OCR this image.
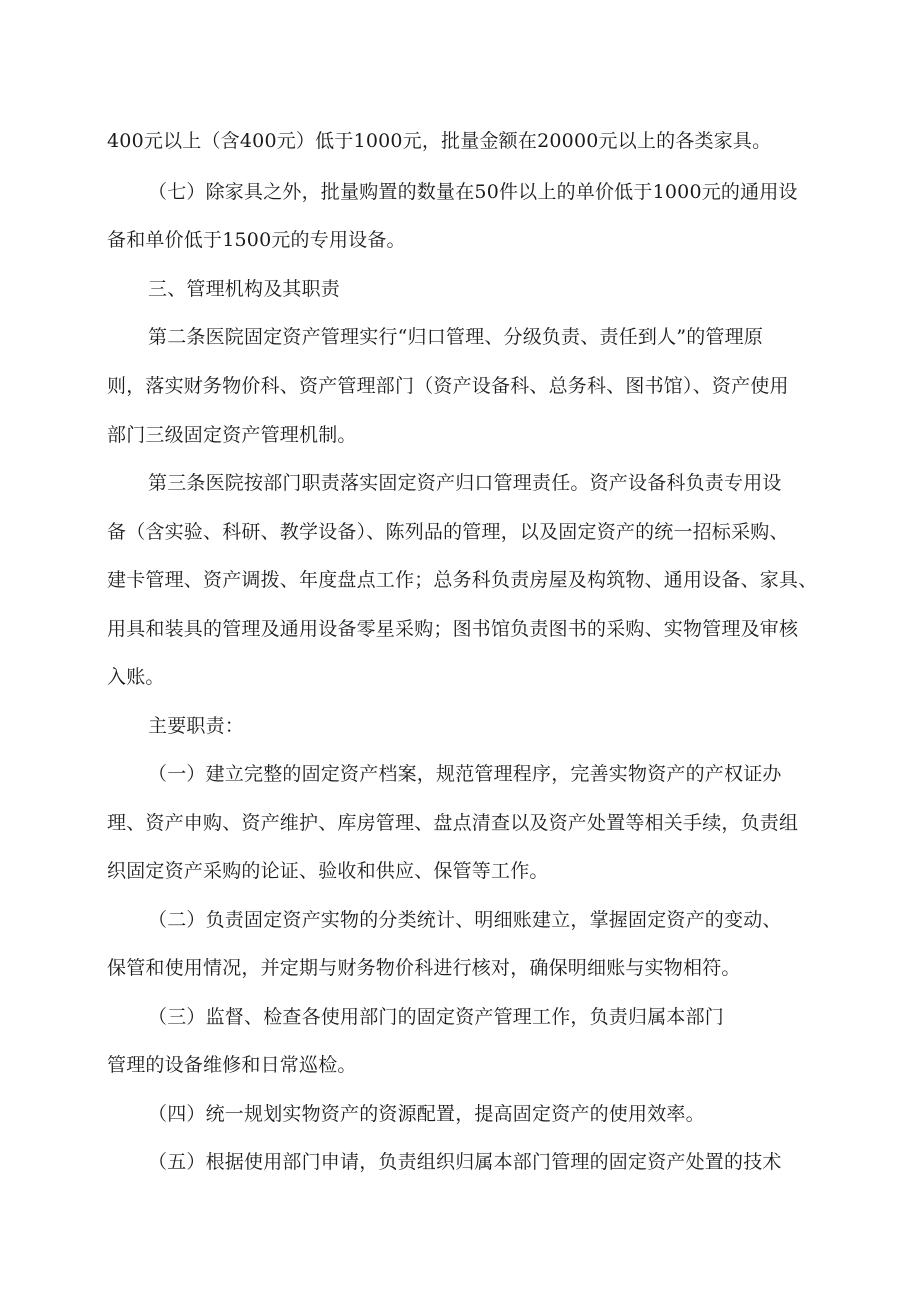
400元以上（含400元）低于1000元，批量金额在20000元以上的各类家具。
（七）除家具之外，批量购置的数量在50件以上的单价低于1000元的通用设
备和单价低于1500元的专用设备。
三、管理机构及其职责
第二条医院固定资产管理实行“归口管理、分级负责、责任到人”的管理原
则，落实财务物价科、资产管理部门（资产设备科、总务科、图书馆）、资产使用
部门三级固定资产管理机制。
第三条医院按部门职责落实固定资产归口管理责任。资产设备科负责专用设
备（含实验、科研、教学设备）、陈列品的管理，以及固定资产的统一招标采购、
建卡管理、资产调拨、年度盘点工作；总务科负责房屋及构筑物、通用设备、家具、
用具和装具的管理及通用设备零星采购；图书馆负责图书的采购、实物管理及审核
入账。
主要职责：
（一）建立完整的固定资产档案，规范管理程序，完善实物资产的产权证办
理、资产申购、资产维护、库房管理、盘点清查以及资产处置等相关手续，负责组
织固定资产采购的论证、验收和供应、保管等工作。
（二）负责固定资产实物的分类统计、明细账建立，掌握固定资产的变动、
保管和使用情况，并定期与财务物价科进行核对，确保明细账与实物相符。
（三）监督、检查各使用部门的固定资产管理工作，负责归属本部门
管理的设备维修和日常巡检。
（四）统一规划实物资产的资源配置，提高固定资产的使用效率。
（五）根据使用部门申请，负责组织归属本部门管理的固定资产处置的技术
